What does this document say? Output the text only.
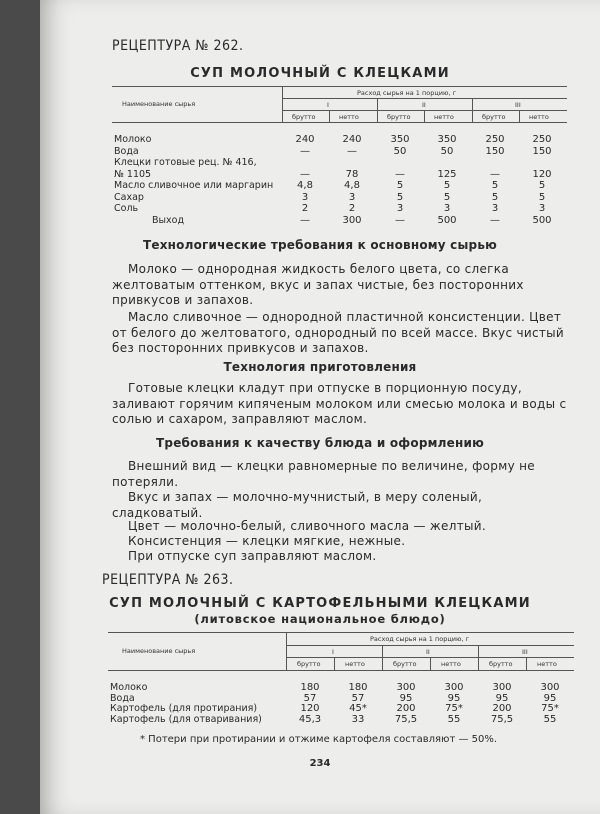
РЕЦЕПТУРА № 262.
СУП МОЛОЧНЫЙ С КЛЕЦКАМИ
Наименование сырья
Расход сырья на 1 порцию, г
I	II	III
брутто	нетто	брутто	нетто	брутто	нетто
Молоко	240	240	350	350	250	250
Вода	—	—	50	50	150	150
Клецки готовые рец. № 416,
№ 1105	—	78	—	125	—	120
Масло сливочное или маргарин	4,8	4,8	5	5	5	5
Сахар	3	3	5	5	5	5
Соль	2	2	3	3	3	3
Выход	—	300	—	500	—	500
Технологические требования к основному сырью
Молоко — однородная жидкость белого цвета, со слегка желтоватым оттенком, вкус и запах чистые, без посторонних привкусов и запахов.
Масло сливочное — однородной пластичной консистенции. Цвет от белого до желтоватого, однородный по всей массе. Вкус чистый без посторонних привкусов и запахов.
Технология приготовления
Готовые клецки кладут при отпуске в порционную посуду, заливают горячим кипяченым молоком или смесью молока и воды с солью и сахаром, заправляют маслом.
Требования к качеству блюда и оформлению
Внешний вид — клецки равномерные по величине, форму не потеряли.
Вкус и запах — молочно-мучнистый, в меру соленый, сладковатый.
Цвет — молочно-белый, сливочного масла — желтый.
Консистенция — клецки мягкие, нежные.
При отпуске суп заправляют маслом.
РЕЦЕПТУРА № 263.
СУП МОЛОЧНЫЙ С КАРТОФЕЛЬНЫМИ КЛЕЦКАМИ
(литовское национальное блюдо)
Наименование сырья
Расход сырья на 1 порцию, г
I	II	III
брутто	нетто	брутто	нетто	брутто	нетто
Молоко	180	180	300	300	300	300
Вода	57	57	95	95	95	95
Картофель (для протирания)	120	45*	200	75*	200	75*
Картофель (для отваривания)	45,3	33	75,5	55	75,5	55
* Потери при протирании и отжиме картофеля составляют — 50%.
234
